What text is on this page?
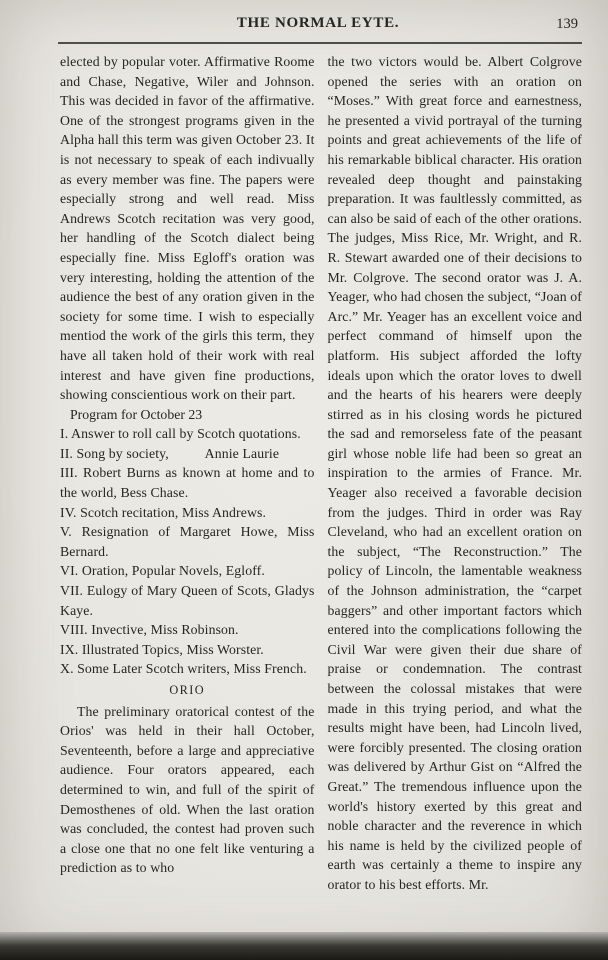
THE NORMAL EYTE.	139

elected by popular voter. Affirmative Roome and Chase, Negative, Wiler and Johnson. This was decided in favor of the affirmative. One of the strongest programs given in the Alpha hall this term was given October 23. It is not necessary to speak of each indivually as every member was fine. The papers were especially strong and well read. Miss Andrews Scotch recitation was very good, her handling of the Scotch dialect being especially fine. Miss Egloff's oration was very interesting, holding the attention of the audience the best of any oration given in the society for some time. I wish to especially mentiod the work of the girls this term, they have all taken hold of their work with real interest and have given fine productions, showing conscientious work on their part.

Program for October 23

I. Answer to roll call by Scotch quotations.

II. Song by society,	Annie Laurie

III. Robert Burns as known at home and to the world, Bess Chase.

IV. Scotch recitation, Miss Andrews.

V. Resignation of Margaret Howe, Miss Bernard.

VI. Oration, Popular Novels, Egloff.

VII. Eulogy of Mary Queen of Scots, Gladys Kaye.

VIII. Invective, Miss Robinson.

IX. Illustrated Topics, Miss Worster.

X. Some Later Scotch writers, Miss French.

ORIO

The preliminary oratorical contest of the Orios' was held in their hall October, Seventeenth, before a large and appreciative audience. Four orators appeared, each determined to win, and full of the spirit of Demosthenes of old. When the last oration was concluded, the contest had proven such a close one that no one felt like venturing a prediction as to who

the two victors would be. Albert Colgrove opened the series with an oration on “Moses.” With great force and earnestness, he presented a vivid portrayal of the turning points and great achievements of the life of his remarkable biblical character. His oration revealed deep thought and painstaking preparation. It was faultlessly committed, as can also be said of each of the other orations. The judges, Miss Rice, Mr. Wright, and R. R. Stewart awarded one of their decisions to Mr. Colgrove. The second orator was J. A. Yeager, who had chosen the subject, “Joan of Arc.” Mr. Yeager has an excellent voice and perfect command of himself upon the platform. His subject afforded the lofty ideals upon which the orator loves to dwell and the hearts of his hearers were deeply stirred as in his closing words he pictured the sad and remorseless fate of the peasant girl whose noble life had been so great an inspiration to the armies of France. Mr. Yeager also received a favorable decision from the judges. Third in order was Ray Cleveland, who had an excellent oration on the subject, “The Reconstruction.” The policy of Lincoln, the lamentable weakness of the Johnson administration, the “carpet baggers” and other important factors which entered into the complications following the Civil War were given their due share of praise or condemnation. The contrast between the colossal mistakes that were made in this trying period, and what the results might have been, had Lincoln lived, were forcibly presented. The closing oration was delivered by Arthur Gist on “Alfred the Great.” The tremendous influence upon the world's history exerted by this great and noble character and the reverence in which his name is held by the civilized people of earth was certainly a theme to inspire any orator to his best efforts. Mr.
